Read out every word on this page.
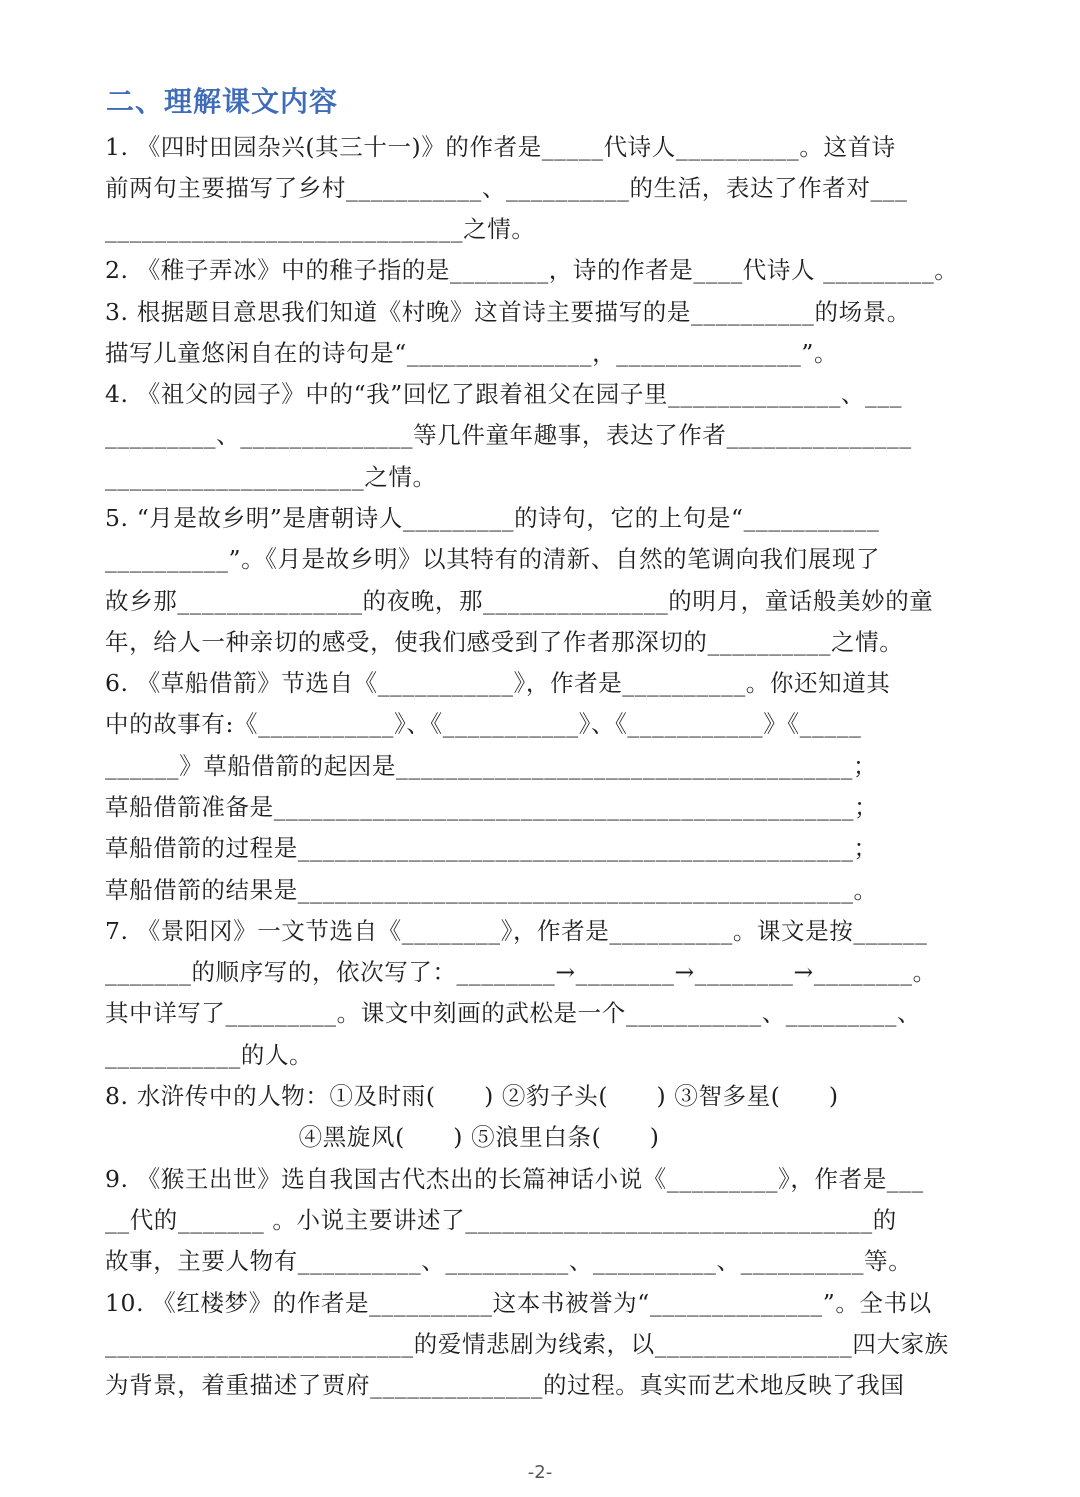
二、理解课文内容
1. 《四时田园杂兴(其三十一)》的作者是_____代诗人__________。这首诗
前两句主要描写了乡村___________、__________的生活，表达了作者对___
_____________________________之情。
2. 《稚子弄冰》中的稚子指的是________，诗的作者是____代诗人 _________。
3. 根据题目意思我们知道《村晚》这首诗主要描写的是__________的场景。
描写儿童悠闲自在的诗句是“_______________，_______________”。
4. 《祖父的园子》中的“我”回忆了跟着祖父在园子里______________、___
_________、______________等几件童年趣事，表达了作者_______________
_____________________之情。
5. “月是故乡明”是唐朝诗人_________的诗句，它的上句是“___________
__________”。《月是故乡明》以其特有的清新、自然的笔调向我们展现了
故乡那_______________的夜晚，那_______________的明月，童话般美妙的童
年，给人一种亲切的感受，使我们感受到了作者那深切的__________之情。
6. 《草船借箭》节选自《___________》，作者是__________。你还知道其
中的故事有:《___________》、《___________》、《___________》《_____
______》草船借箭的起因是_____________________________________；
草船借箭准备是_______________________________________________；
草船借箭的过程是_____________________________________________；
草船借箭的结果是_____________________________________________。
7. 《景阳冈》一文节选自《________》，作者是__________。课文是按______
_______的顺序写的，依次写了：________→________→________→________。
其中详写了_________。课文中刻画的武松是一个___________、_________、
___________的人。
8. 水浒传中的人物：①及时雨(      ) ②豹子头(      ) ③智多星(      )
④黑旋风(      ) ⑤浪里白条(      )
9. 《猴王出世》选自我国古代杰出的长篇神话小说《_________》，作者是___
__代的_______ 。小说主要讲述了_________________________________的
故事，主要人物有__________、__________、__________、__________等。
10. 《红楼梦》的作者是__________这本书被誉为“______________”。全书以
_________________________的爱情悲剧为线索，以________________四大家族
为背景，着重描述了贾府______________的过程。真实而艺术地反映了我国
-2-
